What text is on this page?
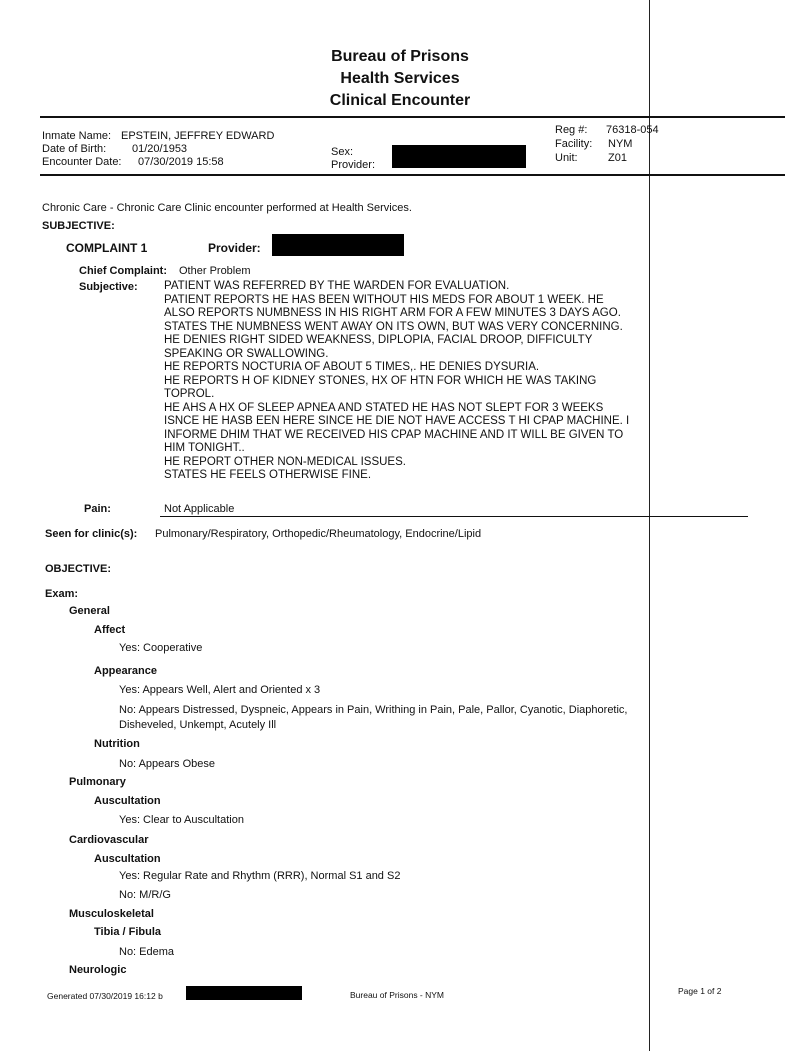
Bureau of Prisons
Health Services
Clinical Encounter
Inmate Name: EPSTEIN, JEFFREY EDWARD
Date of Birth: 01/20/1953
Encounter Date: 07/30/2019 15:58
Sex:
Provider:
Reg #: 76318-054
Facility: NYM
Unit:	Z01
Chronic Care - Chronic Care Clinic encounter performed at Health Services.
SUBJECTIVE:
COMPLAINT 1	Provider:
Chief Complaint: Other Problem
Subjective: PATIENT WAS REFERRED BY THE WARDEN FOR EVALUATION.
PATIENT REPORTS HE HAS BEEN WITHOUT HIS MEDS FOR ABOUT 1 WEEK. HE
ALSO REPORTS NUMBNESS IN HIS RIGHT ARM FOR A FEW MINUTES 3 DAYS AGO.
STATES THE NUMBNESS WENT AWAY ON ITS OWN, BUT WAS VERY CONCERNING.
HE DENIES RIGHT SIDED WEAKNESS, DIPLOPIA, FACIAL DROOP, DIFFICULTY
SPEAKING OR SWALLOWING.
HE REPORTS NOCTURIA OF ABOUT 5 TIMES,. HE DENIES DYSURIA.
HE REPORTS H OF KIDNEY STONES, HX OF HTN FOR WHICH HE WAS TAKING
TOPROL.
HE AHS A HX OF SLEEP APNEA AND STATED HE HAS NOT SLEPT FOR 3 WEEKS
ISNCE HE HASB EEN HERE SINCE HE DIE NOT HAVE ACCESS T HI CPAP MACHINE. I
INFORME DHIM THAT WE RECEIVED HIS CPAP MACHINE AND IT WILL BE GIVEN TO
HIM TONIGHT..
HE REPORT OTHER NON-MEDICAL ISSUES.
STATES HE FEELS OTHERWISE FINE.
Pain:	Not Applicable
Seen for clinic(s): Pulmonary/Respiratory, Orthopedic/Rheumatology, Endocrine/Lipid
OBJECTIVE:
Exam:
General
Affect
Yes: Cooperative
Appearance
Yes: Appears Well, Alert and Oriented x 3
No: Appears Distressed, Dyspneic, Appears in Pain, Writhing in Pain, Pale, Pallor, Cyanotic, Diaphoretic,
Disheveled, Unkempt, Acutely Ill
Nutrition
No: Appears Obese
Pulmonary
Auscultation
Yes: Clear to Auscultation
Cardiovascular
Auscultation
Yes: Regular Rate and Rhythm (RRR), Normal S1 and S2
No: M/R/G
Musculoskeletal
Tibia / Fibula
No: Edema
Neurologic
Generated 07/30/2019 16:12 b	Bureau of Prisons - NYM	Page 1 of 2
